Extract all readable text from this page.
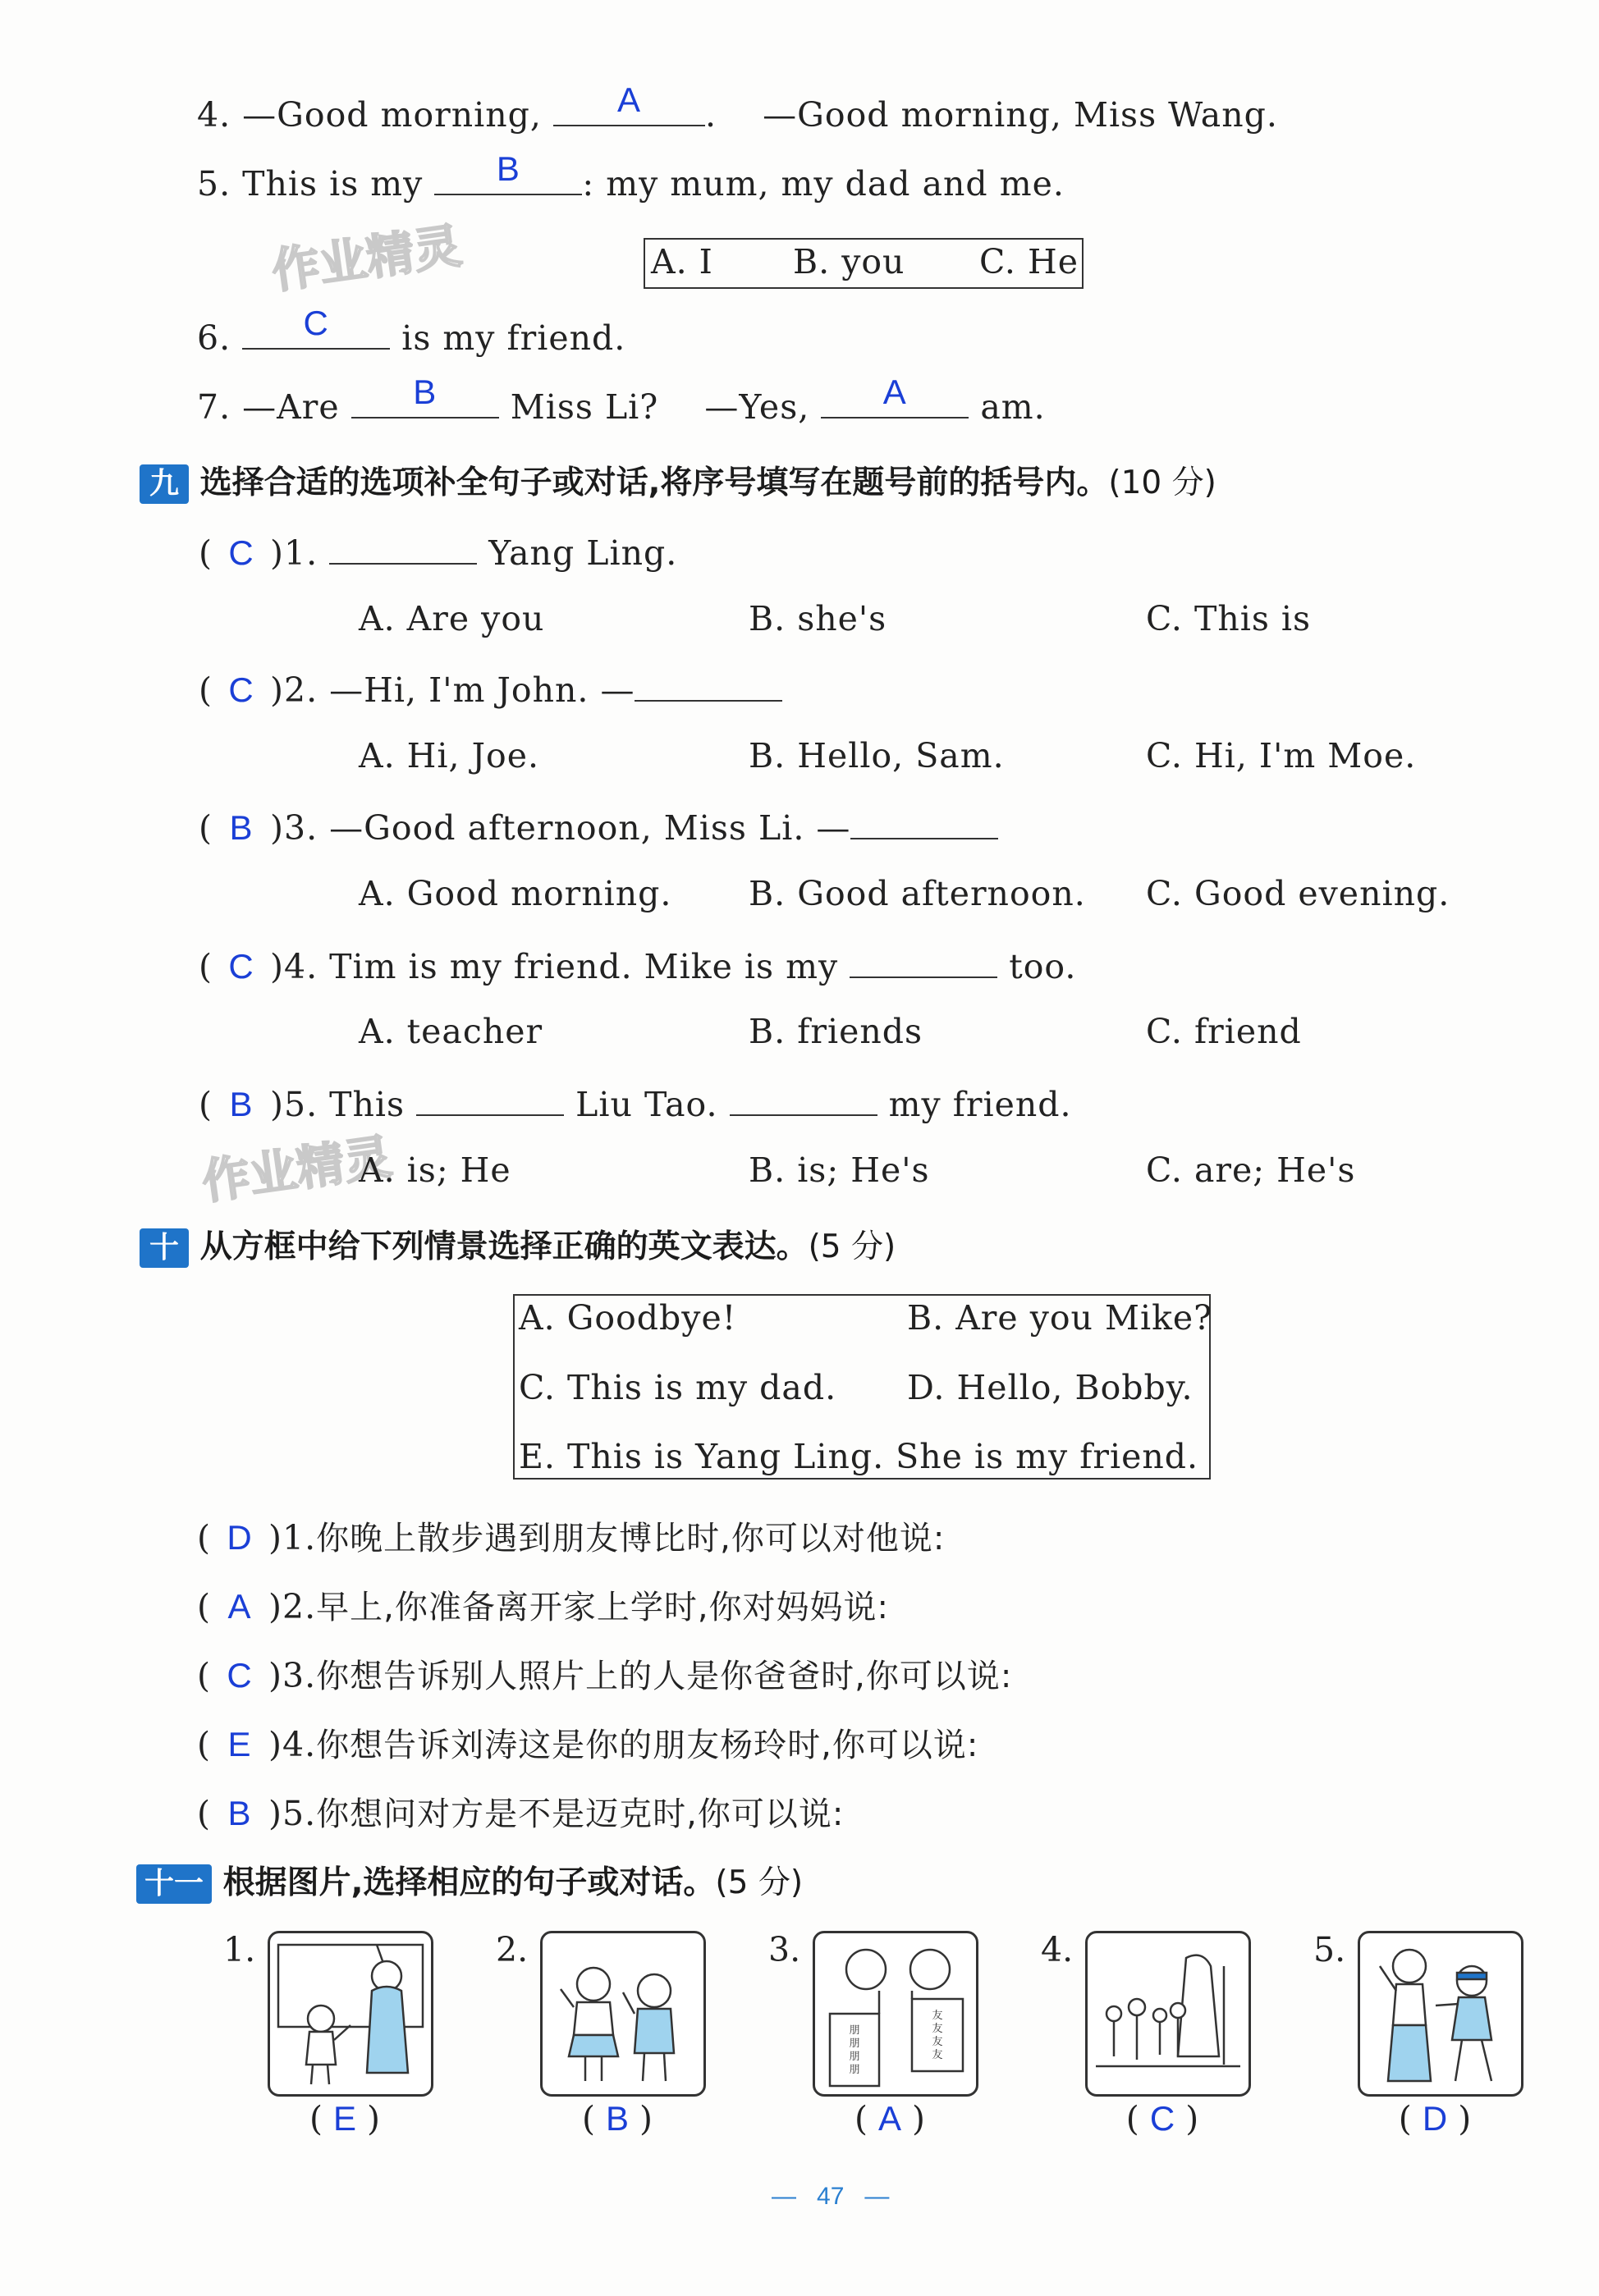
作业精灵
作业精灵
4. —Good morning,	A	. —Good morning, Miss Wang.
5. This is my	B	: my mum, my dad and me.
A. I B. you C. He
6.	C	is my friend.
7. —Are	B	Miss Li? —Yes,	A	am.
九 选择合适的选项补全句子或对话,将序号填写在题号前的括号内。(10 分)
( C )1.	Yang Ling.
A. Are you	B. she's	C. This is
( C )2. —Hi, I'm John. —
A. Hi, Joe.	B. Hello, Sam.	C. Hi, I'm Moe.
( B )3. —Good afternoon, Miss Li. —
A. Good morning. B. Good afternoon. C. Good evening.
( C )4. Tim is my friend. Mike is my	too.
A. teacher	B. friends	C. friend
( B )5. This	Liu Tao.	my friend.
A. is; He	B. is; He's	C. are; He's
十 从方框中给下列情景选择正确的英文表达。(5 分)
A. Goodbye!	B. Are you Mike?
C. This is my dad. D. Hello, Bobby.
E. This is Yang Ling. She is my friend.
( D )1.你晚上散步遇到朋友博比时,你可以对他说:
( A )2.早上,你准备离开家上学时,你对妈妈说:
( C )3.你想告诉别人照片上的人是你爸爸时,你可以说:
( E )4.你想告诉刘涛这是你的朋友杨玲时,你可以说:
( B )5.你想问对方是不是迈克时,你可以说:
十一 根据图片,选择相应的句子或对话。(5 分)
1.
( E )
2.
( B )
3.
朋朋朋朋
友友友友
( A )
4.
( C )
5.
( D )
—   47   —
